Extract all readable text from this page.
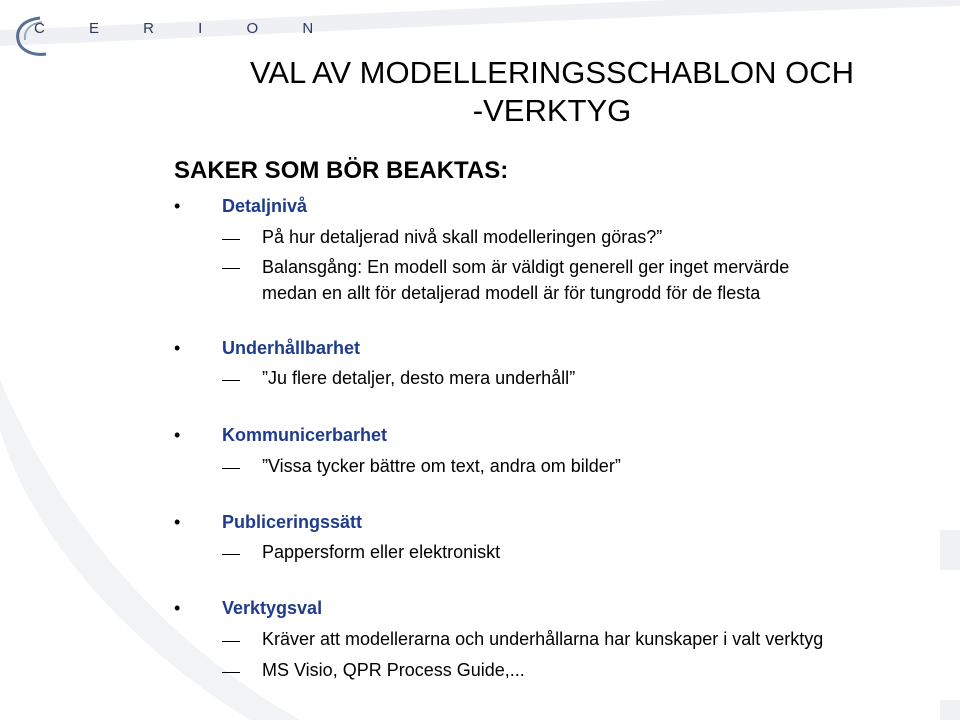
C E R I O N
VAL AV MODELLERINGSSCHABLON OCH
-VERKTYG
SAKER SOM BÖR BEAKTAS:
• Detaljnivå
På hur detaljerad nivå skall modelleringen göras?”
Balansgång: En modell som är väldigt generell ger inget mervärde
medan en allt för detaljerad modell är för tungrodd för de flesta
• Underhållbarhet
”Ju flere detaljer, desto mera underhåll”
• Kommunicerbarhet
”Vissa tycker bättre om text, andra om bilder”
• Publiceringssätt
Pappersform eller elektroniskt
• Verktygsval
Kräver att modellerarna och underhållarna har kunskaper i valt verktyg
MS Visio, QPR Process Guide,...
